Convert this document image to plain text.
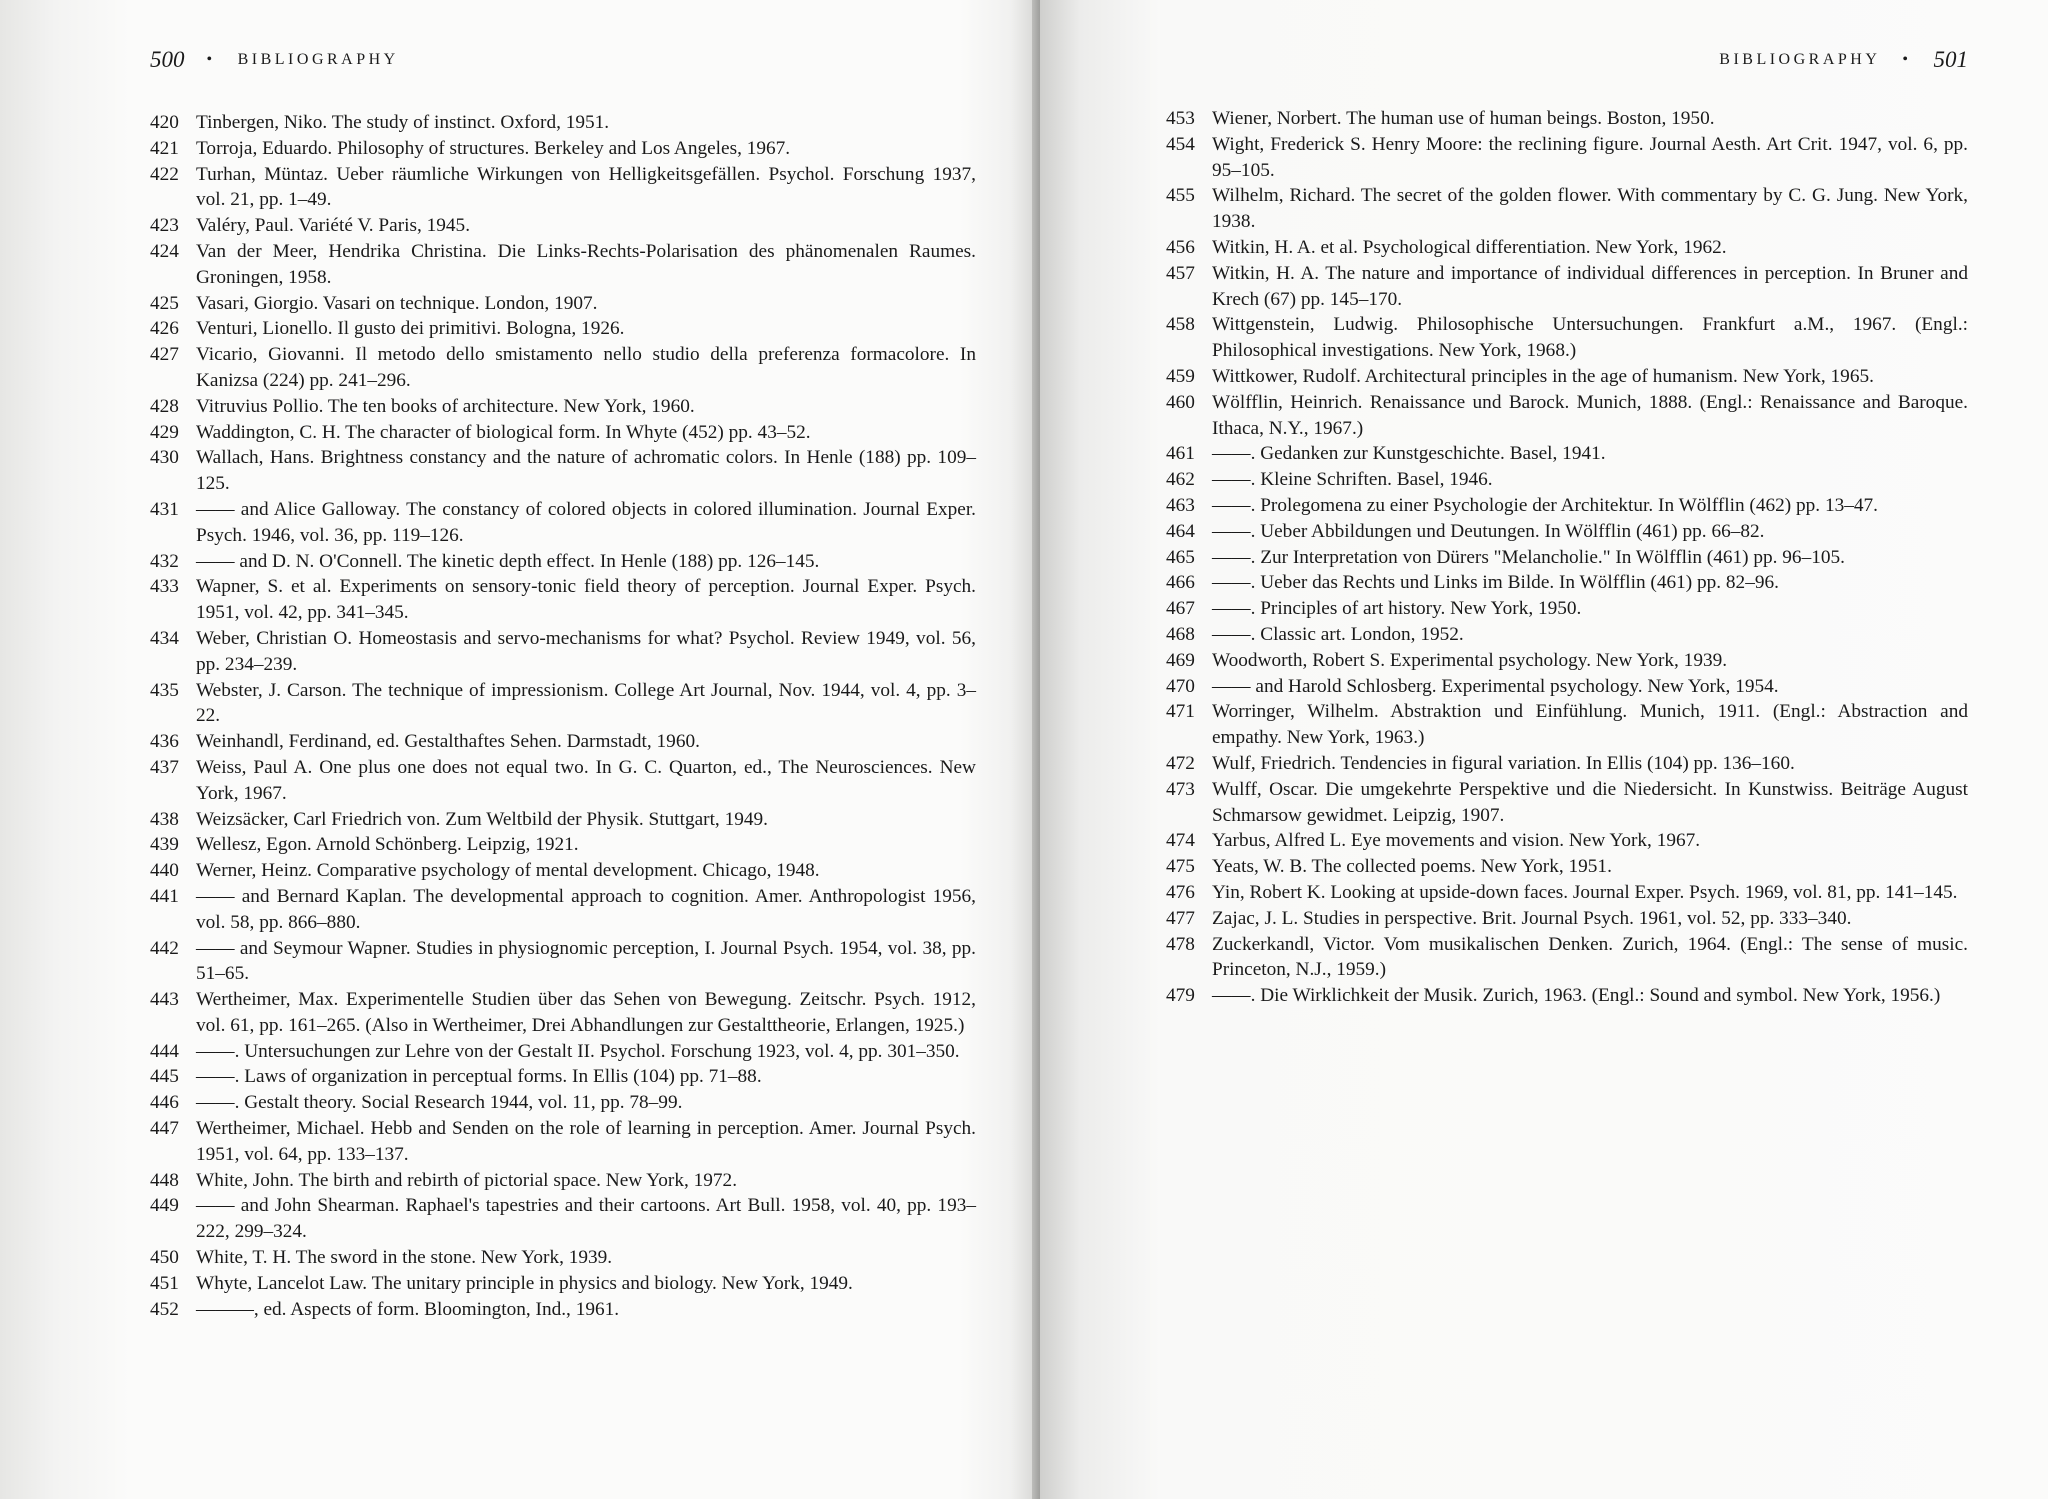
500 • BIBLIOGRAPHY
420 Tinbergen, Niko. The study of instinct. Oxford, 1951.
421 Torroja, Eduardo. Philosophy of structures. Berkeley and Los Angeles, 1967.
422 Turhan, Müntaz. Ueber räumliche Wirkungen von Helligkeitsgefällen. Psychol. Forschung 1937, vol. 21, pp. 1–49.
423 Valéry, Paul. Variété V. Paris, 1945.
424 Van der Meer, Hendrika Christina. Die Links-Rechts-Polarisation des phänomenalen Raumes. Groningen, 1958.
425 Vasari, Giorgio. Vasari on technique. London, 1907.
426 Venturi, Lionello. Il gusto dei primitivi. Bologna, 1926.
427 Vicario, Giovanni. Il metodo dello smistamento nello studio della preferenza formacolore. In Kanizsa (224) pp. 241–296.
428 Vitruvius Pollio. The ten books of architecture. New York, 1960.
429 Waddington, C. H. The character of biological form. In Whyte (452) pp. 43–52.
430 Wallach, Hans. Brightness constancy and the nature of achromatic colors. In Henle (188) pp. 109–125.
431 —— and Alice Galloway. The constancy of colored objects in colored illumination. Journal Exper. Psych. 1946, vol. 36, pp. 119–126.
432 —— and D. N. O'Connell. The kinetic depth effect. In Henle (188) pp. 126–145.
433 Wapner, S. et al. Experiments on sensory-tonic field theory of perception. Journal Exper. Psych. 1951, vol. 42, pp. 341–345.
434 Weber, Christian O. Homeostasis and servo-mechanisms for what? Psychol. Review 1949, vol. 56, pp. 234–239.
435 Webster, J. Carson. The technique of impressionism. College Art Journal, Nov. 1944, vol. 4, pp. 3–22.
436 Weinhandl, Ferdinand, ed. Gestalthaftes Sehen. Darmstadt, 1960.
437 Weiss, Paul A. One plus one does not equal two. In G. C. Quarton, ed., The Neurosciences. New York, 1967.
438 Weizsäcker, Carl Friedrich von. Zum Weltbild der Physik. Stuttgart, 1949.
439 Wellesz, Egon. Arnold Schönberg. Leipzig, 1921.
440 Werner, Heinz. Comparative psychology of mental development. Chicago, 1948.
441 —— and Bernard Kaplan. The developmental approach to cognition. Amer. Anthropologist 1956, vol. 58, pp. 866–880.
442 —— and Seymour Wapner. Studies in physiognomic perception, I. Journal Psych. 1954, vol. 38, pp. 51–65.
443 Wertheimer, Max. Experimentelle Studien über das Sehen von Bewegung. Zeitschr. Psych. 1912, vol. 61, pp. 161–265. (Also in Wertheimer, Drei Abhandlungen zur Gestalttheorie, Erlangen, 1925.)
444 ——. Untersuchungen zur Lehre von der Gestalt II. Psychol. Forschung 1923, vol. 4, pp. 301–350.
445 ——. Laws of organization in perceptual forms. In Ellis (104) pp. 71–88.
446 ——. Gestalt theory. Social Research 1944, vol. 11, pp. 78–99.
447 Wertheimer, Michael. Hebb and Senden on the role of learning in perception. Amer. Journal Psych. 1951, vol. 64, pp. 133–137.
448 White, John. The birth and rebirth of pictorial space. New York, 1972.
449 —— and John Shearman. Raphael's tapestries and their cartoons. Art Bull. 1958, vol. 40, pp. 193–222, 299–324.
450 White, T. H. The sword in the stone. New York, 1939.
451 Whyte, Lancelot Law. The unitary principle in physics and biology. New York, 1949.
452 ———, ed. Aspects of form. Bloomington, Ind., 1961.
BIBLIOGRAPHY • 501
453 Wiener, Norbert. The human use of human beings. Boston, 1950.
454 Wight, Frederick S. Henry Moore: the reclining figure. Journal Aesth. Art Crit. 1947, vol. 6, pp. 95–105.
455 Wilhelm, Richard. The secret of the golden flower. With commentary by C. G. Jung. New York, 1938.
456 Witkin, H. A. et al. Psychological differentiation. New York, 1962.
457 Witkin, H. A. The nature and importance of individual differences in perception. In Bruner and Krech (67) pp. 145–170.
458 Wittgenstein, Ludwig. Philosophische Untersuchungen. Frankfurt a.M., 1967. (Engl.: Philosophical investigations. New York, 1968.)
459 Wittkower, Rudolf. Architectural principles in the age of humanism. New York, 1965.
460 Wölfflin, Heinrich. Renaissance und Barock. Munich, 1888. (Engl.: Renaissance and Baroque. Ithaca, N.Y., 1967.)
461 ——. Gedanken zur Kunstgeschichte. Basel, 1941.
462 ——. Kleine Schriften. Basel, 1946.
463 ——. Prolegomena zu einer Psychologie der Architektur. In Wölfflin (462) pp. 13–47.
464 ——. Ueber Abbildungen und Deutungen. In Wölfflin (461) pp. 66–82.
465 ——. Zur Interpretation von Dürers "Melancholie." In Wölfflin (461) pp. 96–105.
466 ——. Ueber das Rechts und Links im Bilde. In Wölfflin (461) pp. 82–96.
467 ——. Principles of art history. New York, 1950.
468 ——. Classic art. London, 1952.
469 Woodworth, Robert S. Experimental psychology. New York, 1939.
470 —— and Harold Schlosberg. Experimental psychology. New York, 1954.
471 Worringer, Wilhelm. Abstraktion und Einfühlung. Munich, 1911. (Engl.: Abstraction and empathy. New York, 1963.)
472 Wulf, Friedrich. Tendencies in figural variation. In Ellis (104) pp. 136–160.
473 Wulff, Oscar. Die umgekehrte Perspektive und die Niedersicht. In Kunstwiss. Beiträge August Schmarsow gewidmet. Leipzig, 1907.
474 Yarbus, Alfred L. Eye movements and vision. New York, 1967.
475 Yeats, W. B. The collected poems. New York, 1951.
476 Yin, Robert K. Looking at upside-down faces. Journal Exper. Psych. 1969, vol. 81, pp. 141–145.
477 Zajac, J. L. Studies in perspective. Brit. Journal Psych. 1961, vol. 52, pp. 333–340.
478 Zuckerkandl, Victor. Vom musikalischen Denken. Zurich, 1964. (Engl.: The sense of music. Princeton, N.J., 1959.)
479 ——. Die Wirklichkeit der Musik. Zurich, 1963. (Engl.: Sound and symbol. New York, 1956.)
